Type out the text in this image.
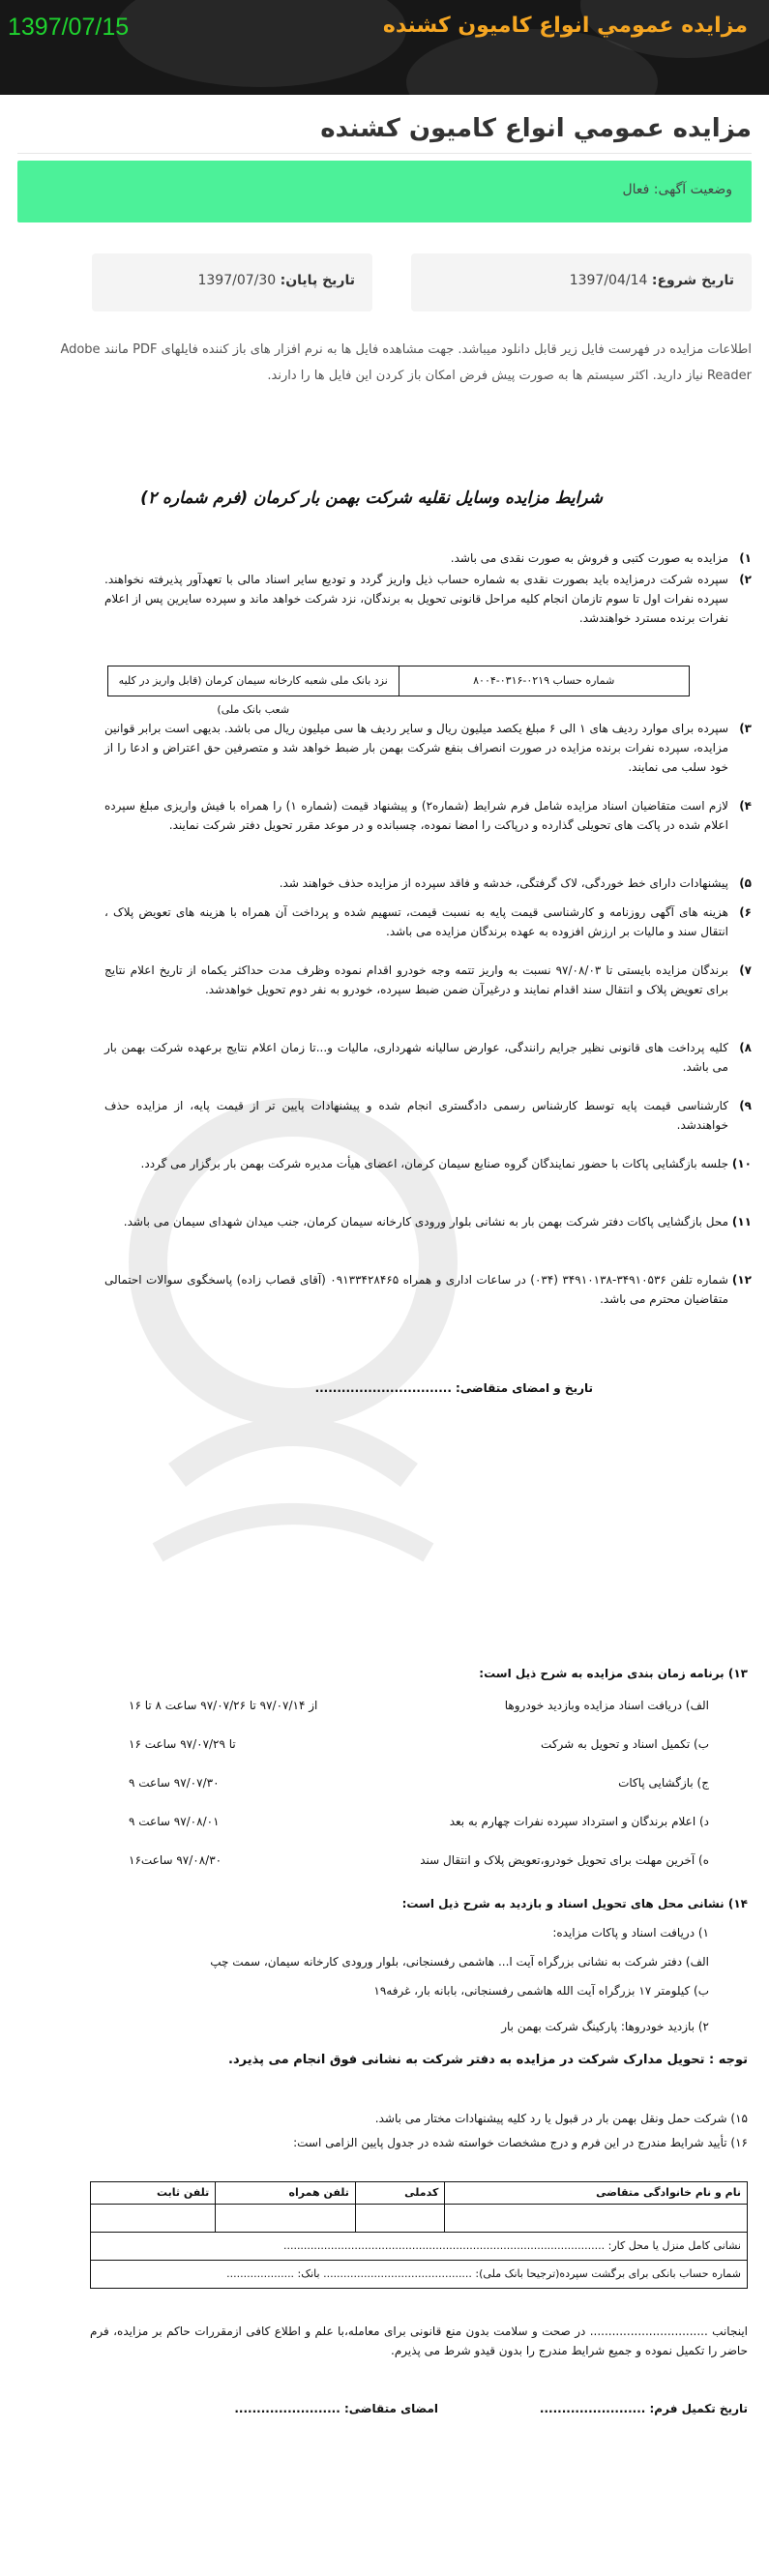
مزایده عمومي انواع کامیون کشنده
1397/07/15
مزایده عمومي انواع کامیون کشنده
وضعیت آگهی: فعال
تاریخ شروع: 1397/04/14
تاریخ پایان: 1397/07/30
اطلاعات مزایده در فهرست فایل زیر قابل دانلود میباشد. جهت مشاهده فایل ها به نرم افزار های باز کننده فایلهای PDF مانند Adobe Reader نیاز دارید. اکثر سیستم ها به صورت پیش فرض امکان باز کردن این فایل ها را دارند.
شرایط مزایده وسایل نقلیه شرکت بهمن بار کرمان (فرم شماره ۲)
۱)
مزایده به صورت کتبی و فروش به صورت نقدی می باشد.
۲)
سپرده شرکت درمزایده باید بصورت نقدی به شماره حساب ذیل واریز گردد و تودیع سایر اسناد مالی با تعهدآور پذیرفته نخواهند. سپرده نفرات اول تا سوم تازمان انجام کلیه مراحل قانونی تحویل به برندگان، نزد شرکت خواهد ماند و سپرده سایرین پس از اعلام نفرات برنده مسترد خواهندشد.
شماره حساب ۰۲۱۹-۰۳۱۶-۸۰۰۴
نزد بانک ملی شعبه کارخانه سیمان کرمان (قابل واریز در کلیه شعب بانک ملی)
۳)
سپرده برای موارد ردیف های ۱ الی ۶ مبلغ یکصد میلیون ریال و سایر ردیف ها سی میلیون ریال می باشد. بدیهی است برابر قوانین مزایده، سپرده نفرات برنده مزایده در صورت انصراف بنفع شرکت بهمن بار ضبط خواهد شد و متصرفین حق اعتراض و ادعا را از خود سلب می نمایند.
۴)
لازم است متقاضیان اسناد مزایده شامل فرم شرایط (شماره۲) و پیشنهاد قیمت (شماره ۱) را همراه با فیش واریزی مبلغ سپرده اعلام شده در پاکت های تحویلی گذارده و درپاکت را امضا نموده، چسبانده و در موعد مقرر تحویل دفتر شرکت نمایند.
۵)
پیشنهادات دارای خط خوردگی، لاک گرفتگی، خدشه و فاقد سپرده از مزایده حذف خواهند شد.
۶)
هزینه های آگهی روزنامه و کارشناسی قیمت پایه به نسبت قیمت، تسهیم شده و پرداخت آن همراه با هزینه های تعویض پلاک ، انتقال سند و مالیات بر ارزش افزوده به عهده برندگان مزایده می باشد.
۷)
برندگان مزایده بایستی تا ۹۷/۰۸/۰۳ نسبت به واریز تتمه وجه خودرو اقدام نموده وظرف مدت حداکثر یکماه از تاریخ اعلام نتایج برای تعویض پلاک و انتقال سند اقدام نمایند و درغیرآن ضمن ضبط سپرده، خودرو به نفر دوم تحویل خواهدشد.
۸)
کلیه پرداخت های قانونی نظیر جرایم رانندگی، عوارض سالیانه شهرداری، مالیات و...تا زمان اعلام نتایج برعهده شرکت بهمن بار می باشد.
۹)
کارشناسی قیمت پایه توسط کارشناس رسمی دادگستری انجام شده و پیشنهادات پایین تر از قیمت پایه، از مزایده حذف خواهندشد.
۱۰)
جلسه بازگشایی پاکات با حضور نمایندگان گروه صنایع سیمان کرمان، اعضای هیأت مدیره شرکت بهمن بار برگزار می گردد.
۱۱)
محل بازگشایی پاکات دفتر شرکت بهمن بار به نشانی بلوار ورودی کارخانه سیمان کرمان، جنب میدان شهدای سیمان می باشد.
۱۲)
شماره تلفن ۳۴۹۱۰۵۳۶-۳۴۹۱۰۱۳۸ (۰۳۴) در ساعات اداری و همراه ۰۹۱۳۳۴۲۸۴۶۵ (آقای قصاب زاده) پاسخگوی سوالات احتمالی متقاضیان محترم می باشد.
تاریخ و امضای متقاضی: ...............................
۱۳) برنامه زمان بندی مزایده به شرح ذیل است:
الف) دریافت اسناد مزایده وبازدید خودروها
از ۹۷/۰۷/۱۴ تا ۹۷/۰۷/۲۶ ساعت ۸ تا ۱۶
ب) تکمیل اسناد و تحویل به شرکت
تا ۹۷/۰۷/۲۹ ساعت ۱۶
ج) بازگشایی پاکات
۹۷/۰۷/۳۰ ساعت ۹
د) اعلام برندگان و استرداد سپرده نفرات چهارم به بعد
۹۷/۰۸/۰۱ ساعت ۹
ه) آخرین مهلت برای تحویل خودرو،تعویض پلاک و انتقال سند
۹۷/۰۸/۳۰ ساعت۱۶
۱۴) نشانی محل های تحویل اسناد و بازدید به شرح ذیل است:
۱) دریافت اسناد و پاکات مزایده:
الف) دفتر شرکت به نشانی بزرگراه آیت ا... هاشمی رفسنجانی، بلوار ورودی کارخانه سیمان، سمت چپ
ب) کیلومتر ۱۷ بزرگراه آیت الله هاشمی رفسنجانی، بابانه بار، غرفه۱۹
۲) بازدید خودروها: پارکینگ شرکت بهمن بار
توجه : تحویل مدارک شرکت در مزایده به دفتر شرکت به نشانی فوق انجام می پذیرد.
۱۵) شرکت حمل ونقل بهمن بار در قبول یا رد کلیه پیشنهادات مختار می باشد.
۱۶) تأیید شرایط مندرج در این فرم و درج مشخصات خواسته شده در جدول پایین الزامی است:
نام و نام خانوادگی متقاضی	کدملی	تلفن همراه	تلفن ثابت

نشانی کامل منزل یا محل کار: ...............................................................................................			
شماره حساب بانکی برای برگشت سپرده(ترجیحا بانک ملی): ............................................ بانک: ....................			
اینجانب ................................ در صحت و سلامت بدون منع قانونی برای معامله،با علم و اطلاع کافی ازمقررات حاکم بر مزایده، فرم حاضر را تکمیل نموده و جمیع شرایط مندرج را بدون قیدو شرط می پذیرم.
تاریخ تکمیل فرم: ........................
امضای متقاضی: ........................
